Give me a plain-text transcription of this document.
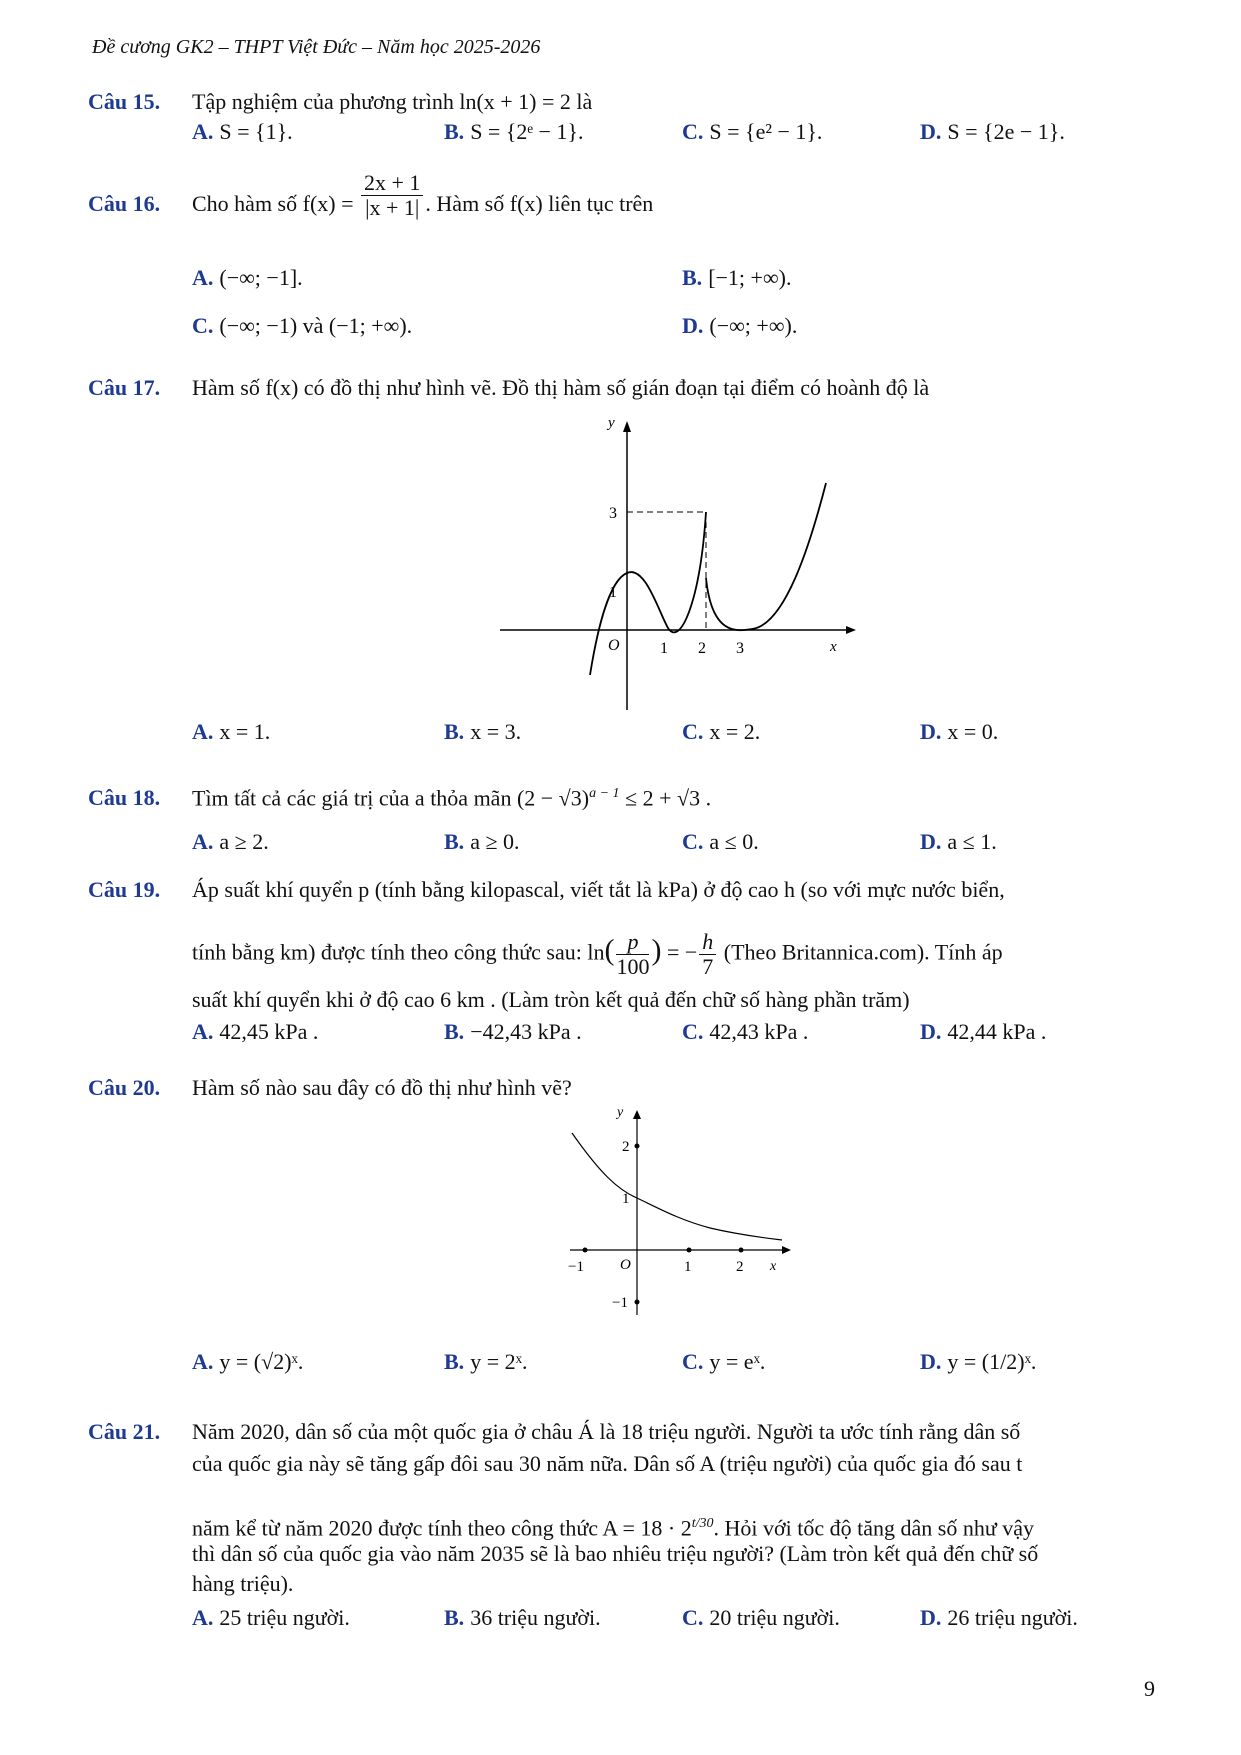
Đề cương GK2 – THPT Việt Đức – Năm học 2025-2026
Câu 15. Tập nghiệm của phương trình ln(x + 1) = 2 là
A. S = {1}.	B. S = {2ᵉ − 1}.	C. S = {e² − 1}.	D. S = {2e − 1}.
Câu 16. Cho hàm số $f(x) = \frac{2x + 1}{|x + 1|}$ . Hàm số f(x) liên tục trên
A. (−∞; −1].	B. [−1; +∞).
C. (−∞; −1) và (−1; +∞).	D. (−∞; +∞).
Câu 17. Hàm số f(x) có đồ thị như hình vẽ. Đồ thị hàm số gián đoạn tại điểm có hoành độ là
y
x
O	1 2 3
1
3
A. x = 1.	B. x = 3.	C. x = 2.	D. x = 0.
Câu 18. Tìm tất cả các giá trị của a thỏa mãn $(2 - √3)^{a - 1} \le 2 + √3$ .
A. a ≥ 2.	B. a ≥ 0.	C. a ≤ 0.	D. a ≤ 1.
Câu 19. Áp suất khí quyển p (tính bằng kilopascal, viết tắt là kPa) ở độ cao h (so với mực nước biển,
tính bằng km) được tính theo công thức sau: $\ln( \frac{p}{100}$ ) = − $\frac{h}{7}$ (Theo Britannica.com). Tính áp
suất khí quyển khi ở độ cao 6 km . (Làm tròn kết quả đến chữ số hàng phần trăm)
A. 42,45 kPa .	B. −42,43 kPa .	C. 42,43 kPa .	D. 42,44 kPa .
Câu 20. Hàm số nào sau đây có đồ thị như hình vẽ?
y
x
O
−1	1	2
2
1
−1
A. y = (√2)ˣ.	B. y = 2ˣ.	C. y = eˣ.	D. y = (1/2)ˣ.
Câu 21. Năm 2020, dân số của một quốc gia ở châu Á là 18 triệu người. Người ta ước tính rằng dân số
của quốc gia này sẽ tăng gấp đôi sau 30 năm nữa. Dân số A (triệu người) của quốc gia đó sau t
năm kể từ năm 2020 được tính theo công thức $A = 18 \cdot 2^{t/30}$. Hỏi với tốc độ tăng dân số như vậy
thì dân số của quốc gia vào năm 2035 sẽ là bao nhiêu triệu người? (Làm tròn kết quả đến chữ số
hàng triệu).
A. 25 triệu người.	B. 36 triệu người.	C. 20 triệu người.	D. 26 triệu người.
9
